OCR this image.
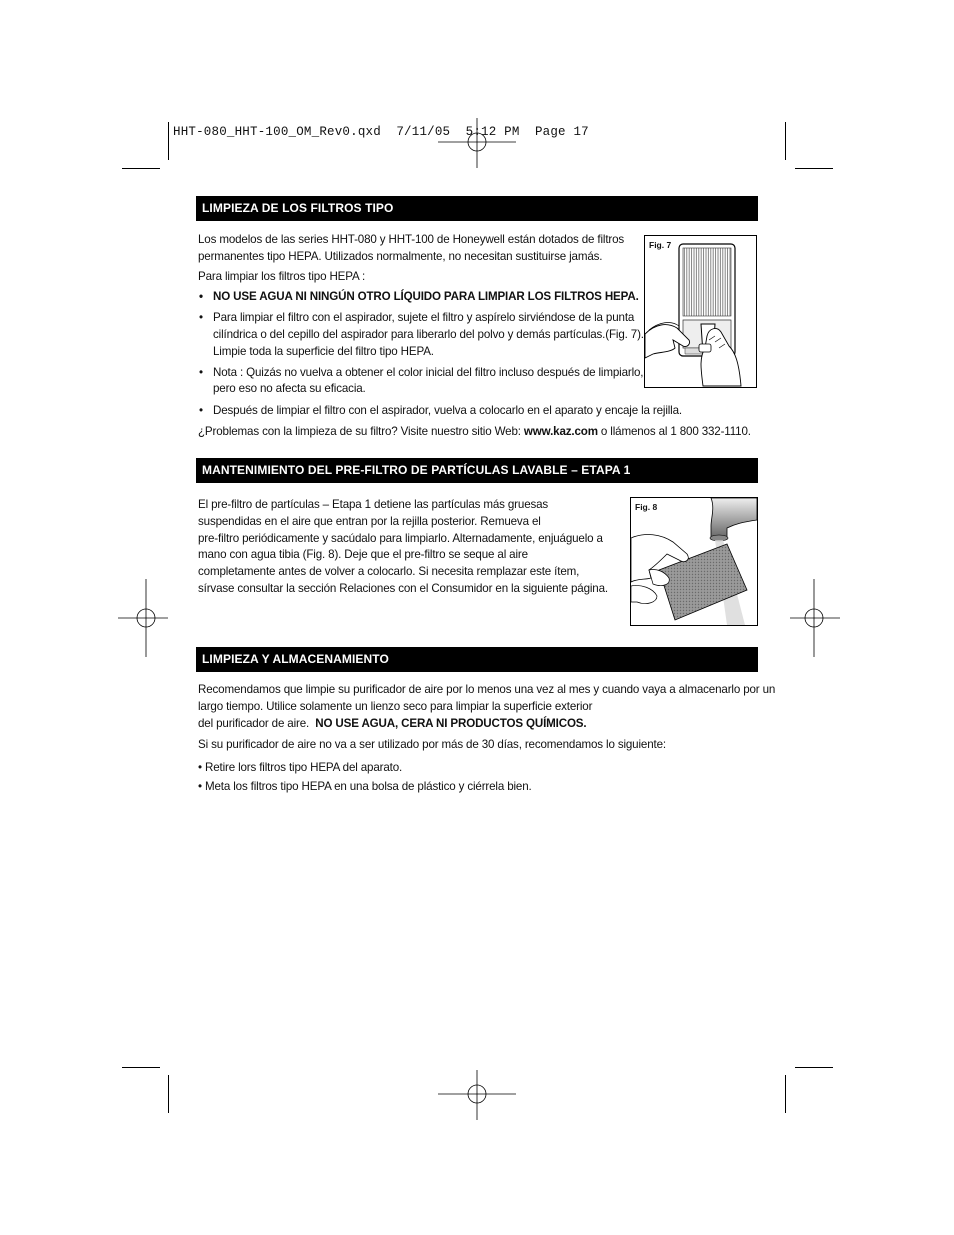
HHT-080_HHT-100_OM_Rev0.qxd  7/11/05  5:12 PM  Page 17
LIMPIEZA DE LOS FILTROS TIPO

Los modelos de las series HHT-080 y HHT-100 de Honeywell están dotados de filtros

permanentes tipo HEPA. Utilizados normalmente, no necesitan sustituirse jamás.

Para limpiar los filtros tipo HEPA :

• NO USE AGUA NI NINGÚN OTRO LÍQUIDO PARA LIMPIAR LOS FILTROS HEPA.
• Para limpiar el filtro con el aspirador, sujete el filtro y aspírelo sirviéndose de la punta

cilíndrica o del cepillo del aspirador para liberarlo del polvo y demás partículas.(Fig. 7).

Limpie toda la superficie del filtro tipo HEPA.

• Nota : Quizás no vuelva a obtener el color inicial del filtro incluso después de limpiarlo,

pero eso no afecta su eficacia.

• Después de limpiar el filtro con el aspirador, vuelva a colocarlo en el aparato y encaje la rejilla.

¿Problemas con la limpieza de su filtro? Visite nuestro sitio Web: www.kaz.com o llámenos al 1 800 332-1110.

Fig. 7
MANTENIMIENTO DEL PRE-FILTRO DE PARTÍCULAS LAVABLE – ETAPA 1

El pre-filtro de partículas – Etapa 1 detiene las partículas más gruesas

suspendidas en el aire que entran por la rejilla posterior. Remueva el

pre-filtro periódicamente y sacúdalo para limpiarlo. Alternadamente, enjuáguelo a

mano con agua tibia (Fig. 8). Deje que el pre-filtro se seque al aire

completamente antes de volver a colocarlo. Si necesita remplazar este ítem,

sírvase consultar la sección Relaciones con el Consumidor en la siguiente página.

Fig. 8
LIMPIEZA Y ALMACENAMIENTO

Recomendamos que limpie su purificador de aire por lo menos una vez al mes y cuando vaya a almacenarlo por un

largo tiempo. Utilice solamente un lienzo seco para limpiar la superficie exterior

del purificador de aire.  NO USE AGUA, CERA NI PRODUCTOS QUÍMICOS.

Si su purificador de aire no va a ser utilizado por más de 30 días, recomendamos lo siguiente:

• Retire lors filtros tipo HEPA del aparato.

• Meta los filtros tipo HEPA en una bolsa de plástico y ciérrela bien.
